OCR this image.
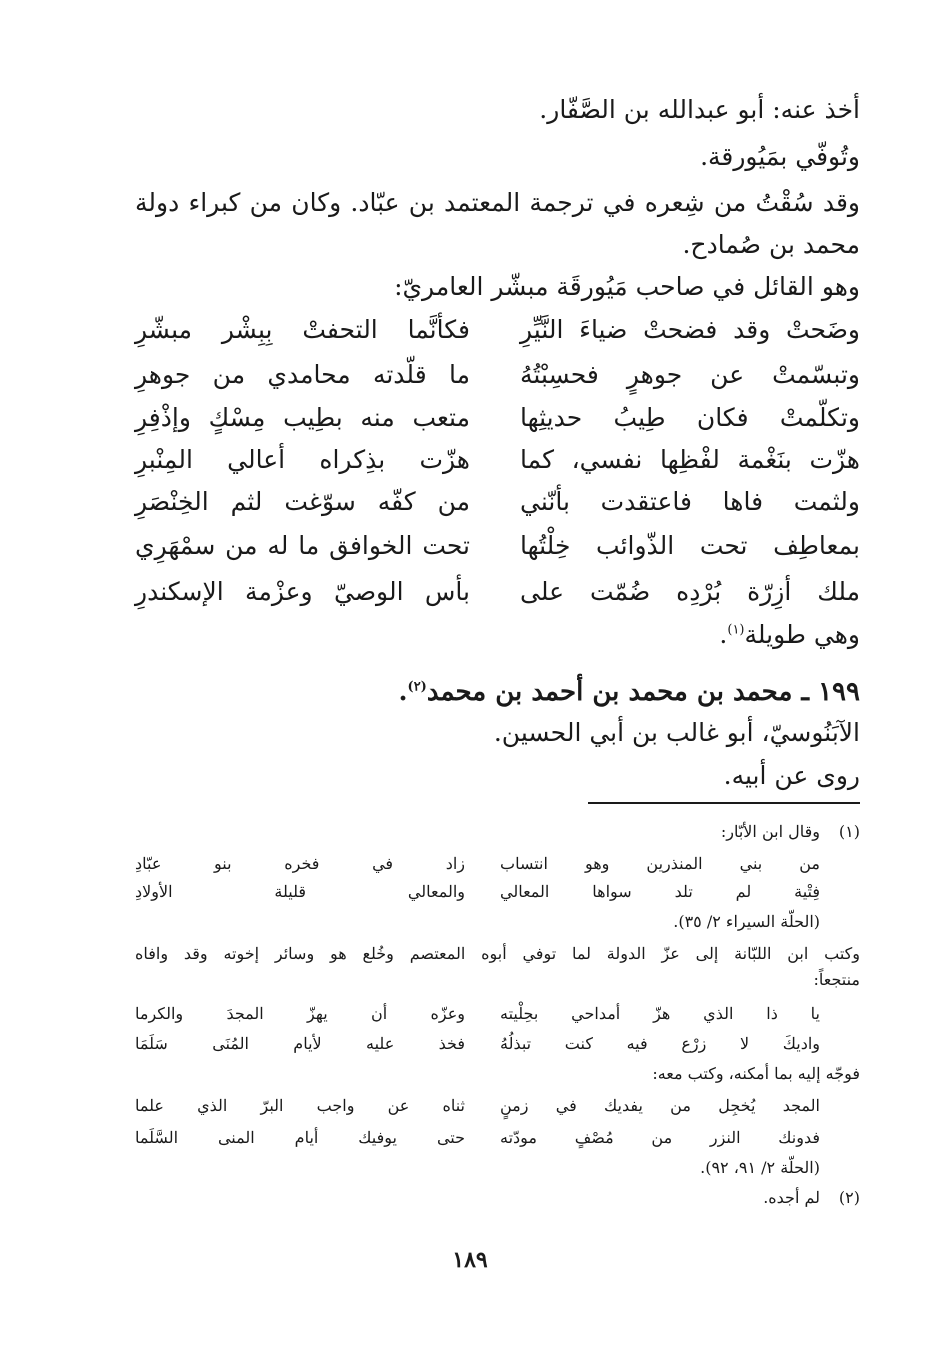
أخذ عنه: أبو عبدالله بن الصَّفّار.
وتُوفّي بمَيُورقة.
وقد سُقْتُ من شِعره في ترجمة المعتمد بن عبّاد. وكان من كبراء دولة
محمد بن صُمادح.
وهو القائل في صاحب مَيُورقَة مبشّر العامريّ:
وضَحتْ وقد فضحتْ ضياءَ النَّيِّرِ
فكأنَّما التحفتْ بِبِشْر مبشّرِ
وتبسّمتْ عن جوهرٍ فحسِبْتُهُ
ما قلّدته محامدي من جوهرِ
وتكلّمتْ فكان طِيبُ حديثِها
متعب منه بطِيب مِسْكٍ وإذْفِرِ
هزّت بنَغْمة لفْظِها نفسي، كما
هزّت بذِكراه أعالي المِنْبرِ
ولثمت فاها فاعتقدت بأنّني
من كفّه سوّغت لثم الخِنْصَرِ
بمعاطِف تحت الذّوائب خِلْتُها
تحت الخوافق ما له من سمْهَرِي
ملك أزِرّة بُرْدِه ضُمّت على
بأس الوصيّ وعزْمة الإسكندرِ
وهي طويلة$^{(١)}$.
١٩٩ ـ محمد بن محمد بن أحمد بن محمد$^{(٢)}$.
الآبَنُوسيّ، أبو غالب بن أبي الحسين.
روى عن أبيه.
(١)
وقال ابن الأبّار:
من بني المنذرين وهو انتساب
زاد في فخره بنو عبّادِ
فِتْية لم تلد سواها المعالي
والمعالي قليلة الأولادِ
(الحلّة السيراء ٢/ ٣٥).
وكتب ابن اللبّانة إلى عزّ الدولة لما توفي أبوه المعتصم وخُلع هو وسائر إخوته وقد وافاه
منتجعاً:
يا ذا الذي هزّ أمداحي بحِلْيته
وعزّه أن يهزّ المجدَ والكرما
واديكَ لا زرْع فيه كنت تبذلُهُ
فخذ عليه لأيام المُنَى سَلَمَا
فوجّه إليه بما أمكنه، وكتب معه:
المجد يُخجِل من يفديك في زمنٍ
ثناه عن واجب البرّ الذي علما
فدونك النزر من مُصْفٍ مودّته
حتى يوفيك أيام المنى السَّلَما
(الحلّة ٢/ ٩١، ٩٢).
(٢)
لم أجده.
١٨٩
